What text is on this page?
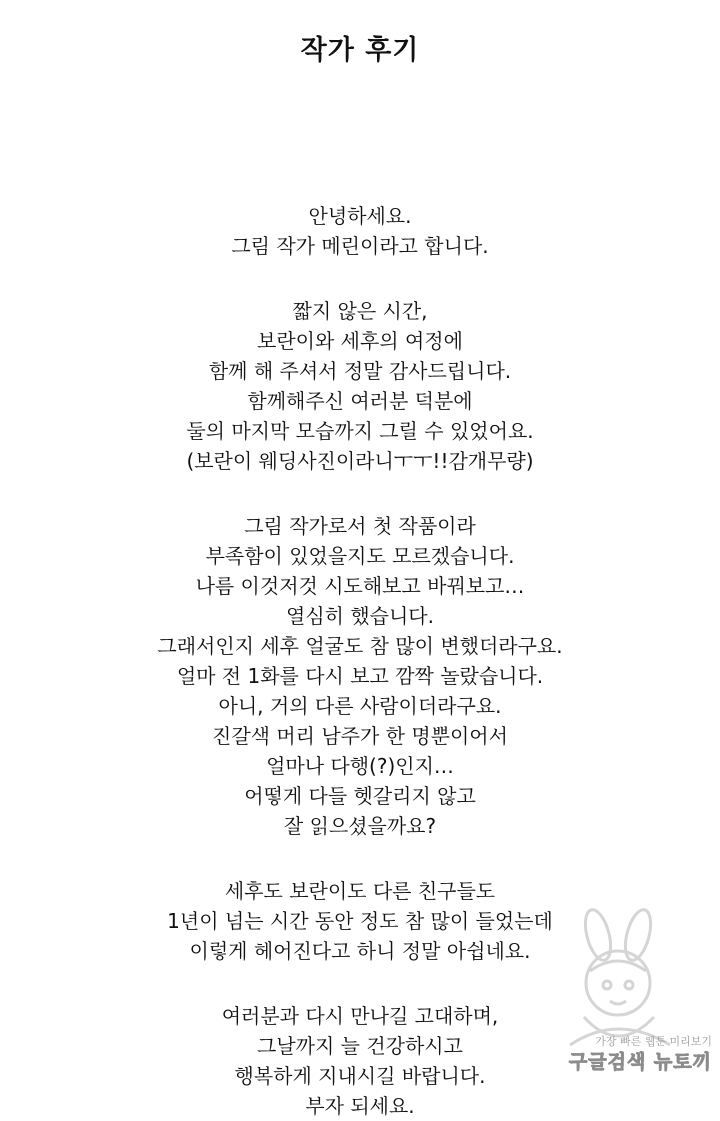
작가 후기
안녕하세요.
그림 작가 메린이라고 합니다.
짧지 않은 시간,
보란이와 세후의 여정에
함께 해 주셔서 정말 감사드립니다.
함께해주신 여러분 덕분에
둘의 마지막 모습까지 그릴 수 있었어요.
(보란이 웨딩사진이라니ㅜㅜ!!감개무량)
그림 작가로서 첫 작품이라
부족함이 있었을지도 모르겠습니다.
나름 이것저것 시도해보고 바꿔보고…
열심히 했습니다.
그래서인지 세후 얼굴도 참 많이 변했더라구요.
얼마 전 1화를 다시 보고 깜짝 놀랐습니다.
아니, 거의 다른 사람이더라구요.
진갈색 머리 남주가 한 명뿐이어서
얼마나 다행(?)인지…
어떻게 다들 헷갈리지 않고
잘 읽으셨을까요?
세후도 보란이도 다른 친구들도
1년이 넘는 시간 동안 정도 참 많이 들었는데
이렇게 헤어진다고 하니 정말 아쉽네요.
여러분과 다시 만나길 고대하며,
그날까지 늘 건강하시고
행복하게 지내시길 바랍니다.
부자 되세요.
가장 빠른 웹툰 미리보기
구글검색 뉴토끼
